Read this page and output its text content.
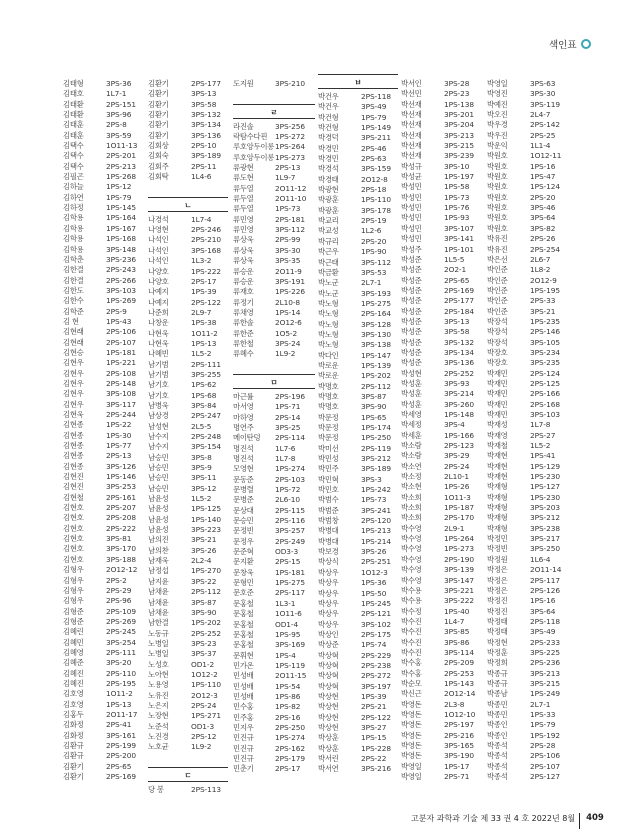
색인표
김태형	3PS-36
김태호	1L7-1
김태환	2PS-151
김태환	3PS-96
김태훈	2PS-8
김태훈	3PS-59
김택수	1O11-13
김택수	2PS-201
김택수	2PS-213
김필곤	1PS-268
김하늘	1PS-12
김하연	1PS-79
김하정	1PS-145
김학용	1PS-164
김학용	1PS-167
김학용	1PS-168
김학용	3PS-148
김학춘	3PS-236
김한결	2PS-243
김한결	2PS-266
김한도	3PS-103
김한수	1PS-269
김학준	2PS-9
김 현	1PS-43
김현래	2PS-106
김현래	2PS-107
김현승	1PS-181
김현우	1PS-221
김현우	2PS-108
김현우	2PS-148
김현우	3PS-108
김현우	3PS-117
김현욱	2PS-244
김현종	1PS-22
김현종	1PS-30
김현종	1PS-77
김현종	2PS-13
김현종	3PS-126
김현진	1PS-146
김현진	3PS-253
김현철	2PS-161
김현호	2PS-207
김현호	2PS-208
김현호	2PS-222
김현호	3PS-81
김현호	3PS-170
김현호	3PS-188
김형우	2O12-12
김형우	2PS-2
김형우	2PS-29
김형우	2PS-96
김형준	2PS-109
김형준	2PS-269
김혜린	2PS-245
김혜민	3PS-254
김혜영	2PS-111
김혜준	3PS-20
김혜진	2PS-110
김혜진	2PS-195
김호영	1O11-2
김호영	1PS-13
김홍두	2O11-17
김화정	2PS-41
김화정	3PS-161
김환규	2PS-199
김환규	2PS-200
김환기	2PS-65
김환기	2PS-169
김환기	2PS-177
김환기	3PS-13
김환기	3PS-58
김환기	3PS-132
김환기	3PS-134
김환기	3PS-136
김회상	2PS-10
김회숙	3PS-189
김회주	2PS-11
김회탁	1L4-6
ㄴ
나경석	1L7-4
나영현	2PS-246
나석인	2PS-210
나석인	3PS-168
나석인	1L3-2
나양호	1PS-222
나양호	2PS-17
나예지	1PS-39
나예지	2PS-122
나준희	2L9-7
나창운	1PS-38
나현욱	1O11-2
나현욱	1PS-13
나혜빈	1L5-2
남기범	2PS-111
남기범	3PS-255
남기호	1PS-62
남기호	1PS-68
남병욱	3PS-84
남상경	2PS-247
남성현	2L5-5
남수지	2PS-248
남수지	3PS-154
남승민	3PS-8
남승민	3PS-9
남승민	3PS-11
남승민	3PS-12
남윤성	1L5-2
남윤성	1PS-125
남윤성	1PS-140
남윤성	3PS-223
남의진	3PS-21
남의찬	3PS-26
남재욱	2L2-4
남정섭	1PS-270
남지윤	3PS-22
남채윤	2PS-112
남채윤	3PS-87
남채윤	3PS-90
남한결	1PS-202
노동규	2PS-252
노병일	3PS-23
노병일	3PS-37
노성호	OD1-2
노아현	1O12-2
노용영	1PS-110
노유진	2O12-3
노은지	2PS-24
노장현	1PS-271
노준석	OD1-3
노진경	2PS-12
노호균	1L9-2
ㄷ
당 봉	2PS-113
도지원	3PS-210
ㄹ
라진솔	3PS-256
락탐수다핀	1PS-272
루호앙두이롱 1PS-264
루호앙두이롱 1PS-273
류광현	2PS-13
류도현	1L9-7
류두열	2O11-12
류두열	2O11-10
류두열	1PS-73
류민영	2PS-181
류민영	3PS-112
류상욱	2PS-99
류상욱	3PS-30
류상욱	3PS-35
류승운	2O11-9
류승운	3PS-191
류재호	1PS-226
류정기	2L10-8
류채영	1PS-14
류한솔	2O12-6
류한준	1O5-2
류한철	3PS-24
류혜수	1L9-2
ㅁ
마근률	2PS-196
마서영	1PS-71
마하영	2PS-14
명연주	3PS-25
메이탄덩	2PS-114
명진석	1L7-6
명진석	1L7-8
모영현	1PS-274
문동준	2PS-103
문병렬	1PS-72
문병준	2L6-10
문상대	2PS-115
문승민	2PS-116
문정빈	3PS-257
문정우	2PS-249
문준혁	OD3-3
문지환	2PS-15
문창욱	1PS-181
문형민	1PS-275
문호준	2PS-117
문홍철	1L3-1
문홍철	1O11-6
문홍철	OD1-4
문홍철	1PS-95
문홍철	3PS-169
문휘현	1PS-4
민가온	1PS-119
민성배	2O11-15
민성배	1PS-54
민성배	1PS-86
민수홍	1PS-82
민주홍	2PS-16
민지우	2PS-250
민진규	1PS-274
민진규	2PS-162
민진규	2PS-179
민춘기	2PS-17
ㅂ
박건우	2PS-118
박건우	3PS-49
박건형	1PS-79
박건형	1PS-149
박경덕	3PS-211
박경민	2PS-46
박경민	2PS-63
박경석	3PS-159
박경태	2O12-8
박광현	2PS-18
박광훈	1PS-110
박광훈	3PS-178
박교리	2PS-19
박교성	1L2-6
박규리	2PS-20
박근우	1PS-90
박근태	3PS-112
박금환	3PS-53
박노군	2L7-1
박노군	3PS-193
박노형	1PS-275
박노형	2PS-164
박노형	3PS-128
박노형	3PS-130
박노형	3PS-138
박다인	1PS-147
박로운	1PS-139
박로운	1PS-202
박명호	2PS-112
박명호	3PS-87
박명호	3PS-90
박문정	1PS-65
박문정	1PS-174
박문정	1PS-250
박미선	2PS-119
박민성	3PS-212
박민주	3PS-189
박민혁	3PS-3
박민호	1PS-242
박범수	1PS-73
박범준	3PS-241
박범창	2PS-120
박병대	1PS-213
박병대	1PS-214
박보경	3PS-26
박상식	2PS-251
박상우	1O12-3
박상우	1PS-36
박상우	1PS-50
박상우	1PS-245
박상우	2PS-121
박상우	3PS-102
박상인	2PS-175
박상준	1PS-74
박상혁	2PS-229
박상혁	2PS-238
박상혁	2PS-272
박상혁	3PS-197
박상현	1PS-39
박상현	2PS-21
박상현	2PS-122
박상현	3PS-27
박상훈	1PS-15
박상훈	1PS-228
박서린	2PS-22
박서연	3PS-216
박서인	3PS-28
박선민	2PS-23
박선재	1PS-138
박선재	3PS-201
박선재	3PS-204
박선재	3PS-213
박선재	3PS-215
박선재	3PS-239
박성규	3PS-10
박성균	1PS-197
박성민	1PS-58
박성민	1PS-73
박성민	1PS-76
박성민	1PS-93
박성민	3PS-107
박성민	3PS-141
박성주	1PS-101
박성준	1L5-5
박성준	2O2-1
박성준	2PS-65
박성준	2PS-169
박성준	2PS-177
박성준	2PS-184
박성준	3PS-13
박성준	3PS-58
박성준	3PS-132
박성준	3PS-134
박성준	3PS-136
박성현	2PS-252
박성훈	3PS-93
박성훈	3PS-214
박성훈	3PS-260
박세영	1PS-148
박세정	3PS-4
박세훈	1PS-166
박소람	2PS-123
박소람	3PS-29
박소연	2PS-24
박소정	2L10-1
박소현	1PS-26
박소희	1O11-3
박소희	1PS-187
박소희	2PS-170
박수영	2L9-1
박수영	1PS-264
박수영	1PS-273
박수영	2PS-190
박수영	3PS-139
박수영	3PS-147
박수용	3PS-221
박수용	3PS-222
박수정	1PS-40
박수진	1L4-7
박수진	3PS-85
박수진	3PS-86
박수진	3PS-114
박수홍	2PS-209
박수홍	2PS-253
박순모	1PS-143
박신근	2O12-14
박영돈	2L3-8
박영돈	1O12-10
박영돈	2PS-197
박영돈	2PS-216
박영돈	3PS-165
박영돈	3PS-190
박영일	1PS-17
박영일	2PS-71
박영일	3PS-63
박영진	3PS-30
박예진	3PS-119
박오진	2L4-7
박우경	2PS-142
박우진	2PS-25
박운익	1L1-4
박원호	1O12-11
박원호	1PS-16
박원호	1PS-47
박원호	1PS-124
박원호	2PS-20
박원호	3PS-46
박원호	3PS-64
박원호	3PS-82
박유진	2PS-26
박유진	2PS-254
박은선	2L6-7
박인준	1L8-2
박인준	2O12-9
박인준	1PS-195
박인준	2PS-33
박인준	3PS-21
박장석	1PS-235
박장석	2PS-146
박장석	3PS-105
박장호	3PS-234
박장호	3PS-235
박재민	2PS-124
박재민	2PS-125
박재민	2PS-166
박재민	2PS-168
박재민	3PS-103
박재성	1L7-8
박재영	2PS-27
박재철	1L5-2
박재현	1PS-41
박재현	1PS-129
박재현	1PS-230
박재형	1PS-127
박재형	1PS-230
박재형	3PS-203
박재형	3PS-212
박재형	3PS-238
박정민	3PS-217
박정빈	3PS-250
박정원	1L6-4
박정은	2O11-14
박정은	2PS-117
박정은	2PS-126
박정진	1PS-16
박정진	3PS-64
박정태	2PS-118
박정태	3PS-49
박정현	2PS-233
박정훈	3PS-225
박정희	2PS-236
박종규	3PS-213
박종규	3PS-215
박종남	1PS-249
박종민	2L7-1
박종민	1PS-33
박종인	1PS-79
박종인	1PS-192
박종석	2PS-28
박종석	2PS-106
박종석	2PS-107
박종석	2PS-127
고분자 과학과 기술 제 33 권 4 호 2022년 8월 409
